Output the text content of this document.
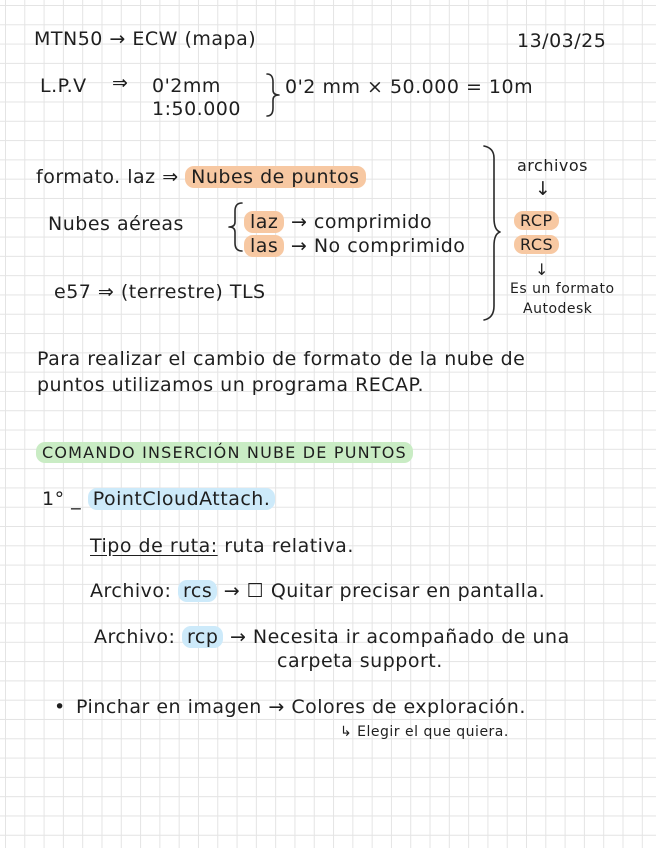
MTN50 → ECW (mapa)	13/03/25
L.P.V ⇒ 0'2mm
1:50.000
0'2 mm × 50.000 = 10m
formato. laz ⇒ Nubes de puntos
Nubes aéreas	laz → comprimido
las → No comprimido
e57 ⇒ (terrestre) TLS
archivos
↓
RCP
RCS
↓
Es un formato
Autodesk
Para realizar el cambio de formato de la nube de
puntos utilizamos un programa RECAP.
COMANDO INSERCIÓN NUBE DE PUNTOS
1° _ PointCloudAttach.
Tipo de ruta: ruta relativa.
Archivo: rcs → ☐ Quitar precisar en pantalla.
Archivo: rcp → Necesita ir acompañado de una
carpeta support.
• Pinchar en imagen → Colores de exploración.
↳ Elegir el que quiera.
